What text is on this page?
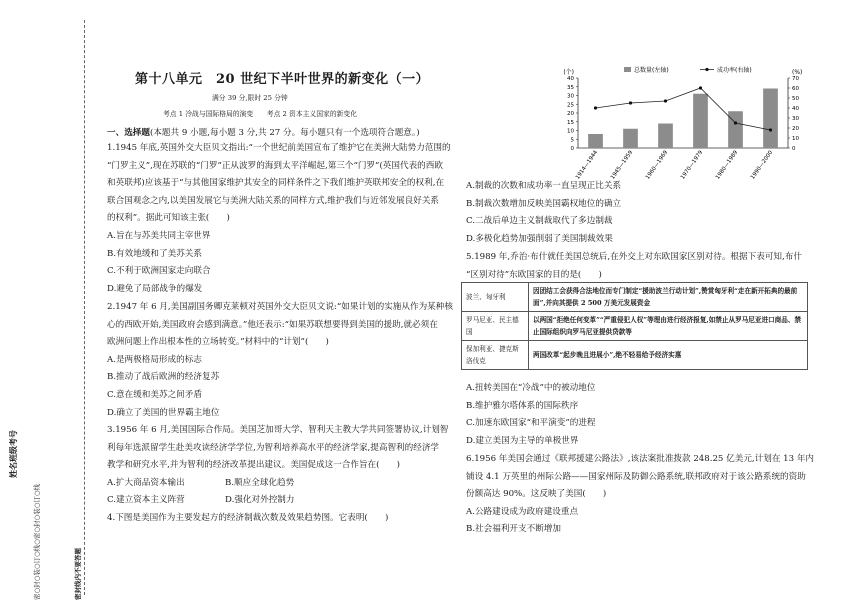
姓名班级考号
密○封○装○订○线○密○封○装○订○线	密封线内不要答题
第十八单元　20 世纪下半叶世界的新变化（一）
满分 39 分,限时 25 分钟
考点 1 冷战与国际格局的演变　　考点 2 资本主义国家的新变化
一、选择题(本题共 9 小题,每小题 3 分,共 27 分。每小题只有一个选项符合题意。)
1.1945 年底,英国外交大臣贝文指出:“一个世纪前美国宣布了维护它在美洲大陆势力范围的
“门罗主义”,现在苏联的“门罗”正从波罗的海到太平洋崛起,第三个“门罗”(英国代表的西欧
和英联邦)应该基于“与其他国家维护其安全的同样条件之下我们维护英联邦安全的权利,在
联合国观念之内,以美国发展它与美洲大陆关系的同样方式,维护我们与近邻发展良好关系
的权利”。据此可知该主张(　　)
A.旨在与苏美共同主宰世界
B.有效地缓和了美苏关系
C.不利于欧洲国家走向联合
D.避免了局部战争的爆发
2.1947 年 6 月,美国副国务卿克莱顿对英国外交大臣贝文说:“如果计划的实施从作为某种核
心的西欧开始,美国政府会感到满意。”他还表示:“如果苏联想要得到美国的援助,就必须在
欧洲问题上作出根本性的立场转变。”材料中的“计划”(　　)
A.是两极格局形成的标志
B.推动了战后欧洲的经济复苏
C.意在缓和美苏之间矛盾
D.确立了美国的世界霸主地位
3.1956 年 6 月,美国国际合作局。美国芝加哥大学、智利天主教大学共同签署协议,计划智
利每年选派留学生赴美攻读经济学学位,为智利培养高水平的经济学家,提高智利的经济学
教学和研究水平,并为智利的经济改革提出建议。美国促成这一合作旨在(　　)
A.扩大商品资本输出	B.顺应全球化趋势
C.建立资本主义阵营	D.强化对外控制力
4.下图是美国作为主要发起方的经济制裁次数及效果趋势图。它表明(　　)
(个)	(%)
0
5
10
15
20
25
30
35
40
0
10
20
30
40
50
60
70
1914—1944 1945—1959 1960—1969 1970—1979 1980—1989 1990—2000
总数量(左轴)	成功率(右轴)
A.制裁的次数和成功率一直呈现正比关系
B.制裁次数增加反映美国霸权地位的确立
C.二战后单边主义制裁取代了多边制裁
D.多极化趋势加强削弱了美国制裁效果
5.1989 年,乔治·布什就任美国总统后,在外交上对东欧国家区别对待。根据下表可知,布什
“区别对待”东欧国家的目的是(　　)
波兰、匈牙利	因团结工会获得合法地位而专门制定“援助波兰行动计划”,赞赏匈牙利“走在新开拓典的最前面”,并向其提供 2 500 万美元发展资金
罗马尼亚、民主德国	以两国“拒绝任何变革”“严重侵犯人权”等理由进行经济报复,如禁止从罗马尼亚进口商品、禁止国际组织向罗马尼亚提供贷款等
保加利亚、捷克斯洛伐克	两国改革“起步晚且进展小”,绝不轻易给予经济实惠
A.扭转美国在“冷战”中的被动地位
B.维护雅尔塔体系的国际秩序
C.加速东欧国家“和平演变”的进程
D.建立美国为主导的单极世界
6.1956 年美国会通过《联邦援建公路法》,该法案批准拨款 248.25 亿美元,计划在 13 年内
铺设 4.1 万英里的州际公路——国家州际及防御公路系统,联邦政府对于该公路系统的资助
份额高达 90%。这反映了美国(　　)
A.公路建设成为政府建设重点
B.社会福利开支不断增加
